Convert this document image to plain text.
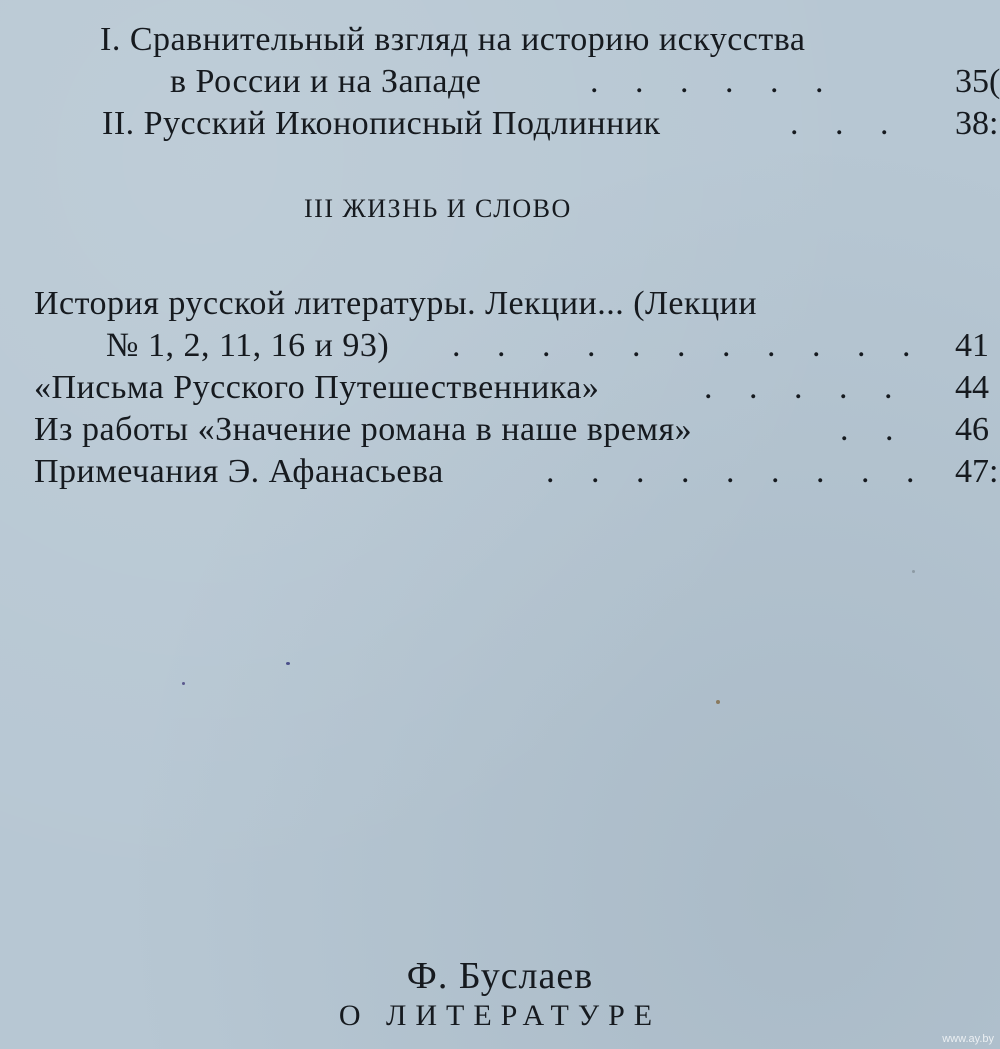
I. Сравнительный взгляд на историю искусства
в России и на Западе	. . . . . .	35(
II. Русский Иконописный Подлинник	. . . 38:
III ЖИЗНЬ И СЛОВО
История русской литературы. Лекции... (Лекции
№ 1, 2, 11, 16 и 93) . . . . . . . . . . . 41
«Письма Русского Путешественника»	. . . . . 44
Из работы «Значение романа в наше время»	. . 46
Примечания Э. Афанасьева	. . . . . . . . . 47:
Ф. Буслаев
О ЛИТЕРАТУРЕ
www.ay.by
